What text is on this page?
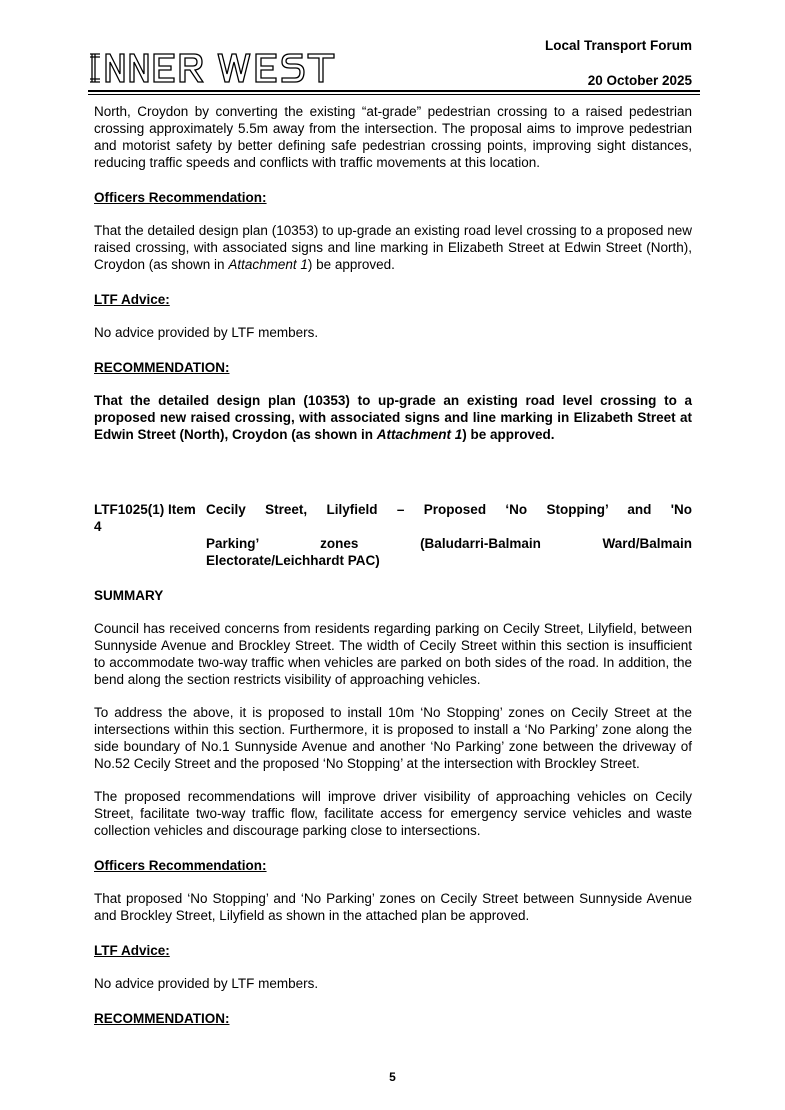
Local Transport Forum
20 October 2025

North, Croydon by converting the existing “at-grade” pedestrian crossing to a raised pedestrian crossing approximately 5.5m away from the intersection. The proposal aims to improve pedestrian and motorist safety by better defining safe pedestrian crossing points, improving sight distances, reducing traffic speeds and conflicts with traffic movements at this location.

Officers Recommendation:

That the detailed design plan (10353) to up-grade an existing road level crossing to a proposed new raised crossing, with associated signs and line marking in Elizabeth Street at Edwin Street (North), Croydon (as shown in Attachment 1) be approved.

LTF Advice:

No advice provided by LTF members.

RECOMMENDATION:

That the detailed design plan (10353) to up-grade an existing road level crossing to a proposed new raised crossing, with associated signs and line marking in Elizabeth Street at Edwin Street (North), Croydon (as shown in Attachment 1) be approved.

LTF1025(1) Item 4
Cecily Street, Lilyfield – Proposed ‘No Stopping’ and 'No
Parking’ zones (Baludarri-Balmain Ward/Balmain
Electorate/Leichhardt PAC)

SUMMARY

Council has received concerns from residents regarding parking on Cecily Street, Lilyfield, between Sunnyside Avenue and Brockley Street. The width of Cecily Street within this section is insufficient to accommodate two-way traffic when vehicles are parked on both sides of the road. In addition, the bend along the section restricts visibility of approaching vehicles.

To address the above, it is proposed to install 10m ‘No Stopping’ zones on Cecily Street at the intersections within this section. Furthermore, it is proposed to install a ‘No Parking’ zone along the side boundary of No.1 Sunnyside Avenue and another ‘No Parking’ zone between the driveway of No.52 Cecily Street and the proposed ‘No Stopping’ at the intersection with Brockley Street.

The proposed recommendations will improve driver visibility of approaching vehicles on Cecily Street, facilitate two-way traffic flow, facilitate access for emergency service vehicles and waste collection vehicles and discourage parking close to intersections.

Officers Recommendation:

That proposed ‘No Stopping’ and ‘No Parking’ zones on Cecily Street between Sunnyside Avenue and Brockley Street, Lilyfield as shown in the attached plan be approved.

LTF Advice:

No advice provided by LTF members.

RECOMMENDATION:

5
